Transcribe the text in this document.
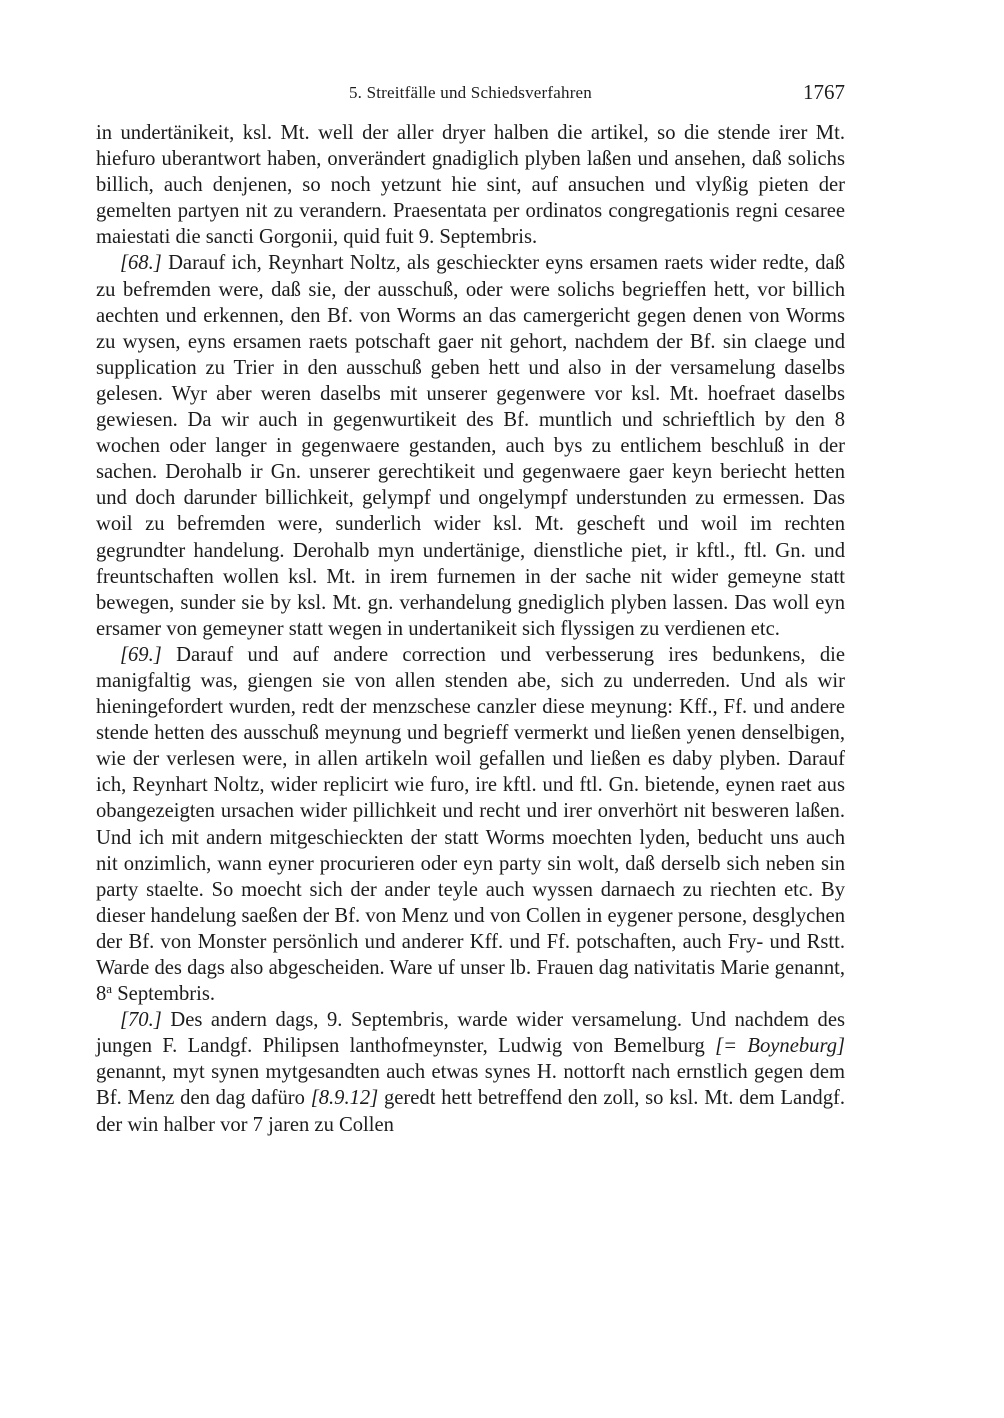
5. Streitfälle und Schiedsverfahren	1767

in undertänikeit, ksl. Mt. well der aller dryer halben die artikel, so die stende irer Mt. hiefuro uberantwort haben, onverändert gnadiglich plyben laßen und ansehen, daß solichs billich, auch denjenen, so noch yetzunt hie sint, auf ansuchen und vlyßig pieten der gemelten partyen nit zu verandern. Praesentata per ordinatos congregationis regni cesaree maiestati die sancti Gorgonii, quid fuit 9. Septembris.

[68.] Darauf ich, Reynhart Noltz, als geschieckter eyns ersamen raets wider redte, daß zu befremden were, daß sie, der ausschuß, oder were solichs begrieffen hett, vor billich aechten und erkennen, den Bf. von Worms an das camergericht gegen denen von Worms zu wysen, eyns ersamen raets potschaft gaer nit gehort, nachdem der Bf. sin claege und supplication zu Trier in den ausschuß geben hett und also in der versamelung daselbs gelesen. Wyr aber weren daselbs mit unserer gegenwere vor ksl. Mt. hoefraet daselbs gewiesen. Da wir auch in gegenwurtikeit des Bf. muntlich und schrieftlich by den 8 wochen oder langer in gegenwaere gestanden, auch bys zu entlichem beschluß in der sachen. Derohalb ir Gn. unserer gerechtikeit und gegenwaere gaer keyn beriecht hetten und doch darunder billichkeit, gelympf und ongelympf understunden zu ermessen. Das woil zu befremden were, sunderlich wider ksl. Mt. gescheft und woil im rechten gegrundter handelung. Derohalb myn undertänige, dienstliche piet, ir kftl., ftl. Gn. und freuntschaften wollen ksl. Mt. in irem furnemen in der sache nit wider gemeyne statt bewegen, sunder sie by ksl. Mt. gn. verhandelung gnediglich plyben lassen. Das woll eyn ersamer von gemeyner statt wegen in undertanikeit sich flyssigen zu verdienen etc.

[69.] Darauf und auf andere correction und verbesserung ires bedunkens, die manigfaltig was, giengen sie von allen stenden abe, sich zu underreden. Und als wir hieningefordert wurden, redt der menzschese canzler diese meynung: Kff., Ff. und andere stende hetten des ausschuß meynung und begrieff vermerkt und ließen yenen denselbigen, wie der verlesen were, in allen artikeln woil gefallen und ließen es daby plyben. Darauf ich, Reynhart Noltz, wider replicirt wie furo, ire kftl. und ftl. Gn. bietende, eynen raet aus obangezeigten ursachen wider pillichkeit und recht und irer onverhört nit besweren laßen. Und ich mit andern mitgeschieckten der statt Worms moechten lyden, beducht uns auch nit onzimlich, wann eyner procurieren oder eyn party sin wolt, daß derselb sich neben sin party staelte. So moecht sich der ander teyle auch wyssen darnaech zu riechten etc. By dieser handelung saeßen der Bf. von Menz und von Collen in eygener persone, desglychen der Bf. von Monster persönlich und anderer Kff. und Ff. potschaften, auch Fry- und Rstt. Warde des dags also abgescheiden. Ware uf unser lb. Frauen dag nativitatis Marie genannt, 8$^a$ Septembris.

[70.] Des andern dags, 9. Septembris, warde wider versamelung. Und nachdem des jungen F. Landgf. Philipsen lanthofmeynster, Ludwig von Bemelburg [= Boyneburg] genannt, myt synen mytgesandten auch etwas synes H. nottorft nach ernstlich gegen dem Bf. Menz den dag dafüro [8.9.12] geredt hett betreffend den zoll, so ksl. Mt. dem Landgf. der win halber vor 7 jaren zu Collen
